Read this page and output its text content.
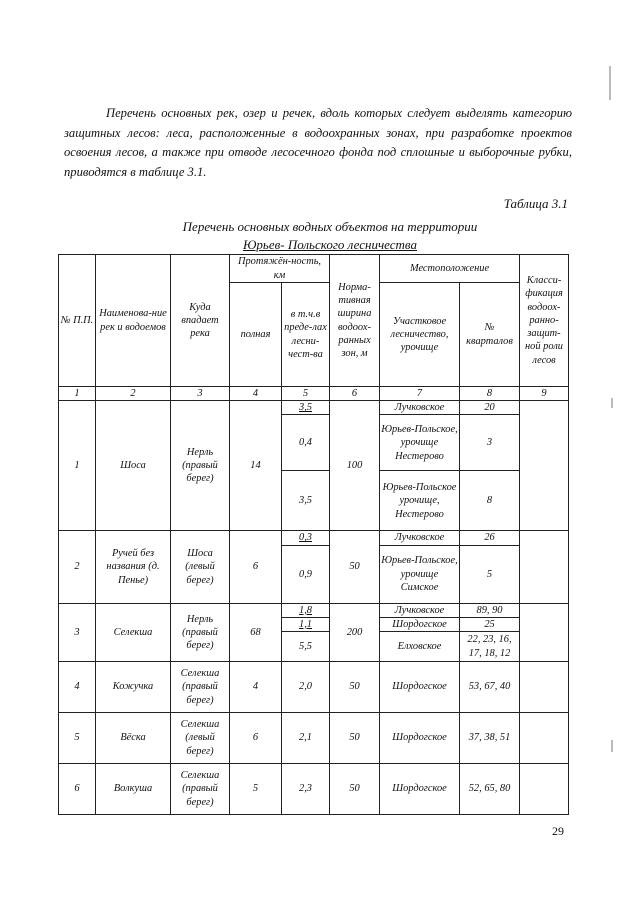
Перечень основных рек, озер и речек, вдоль которых следует выделять категорию защитных лесов: леса, расположенные в водоохранных зонах, при разработке проектов освоения лесов, а также при отводе лесосечного фонда под сплошные и выборочные рубки, приводятся в таблице 3.1.

Таблица 3.1
Перечень основных водных объектов на территории
Юрьев- Польского лесничества
№ П.П.	Наименова-ние рек и водоемов	Куда впадает река	Протяжён-ность, км		Норма-тивная ширина водоох-ранных зон, м	Местоположение		Класси-фикация водоох-ранно-защит-ной роли лесов
			полная	в т.ч.в преде-лах лесни-чест-ва		Участковое лесничество, урочище	№ кварталов	
1	2	3	4	5	6	7	8	9
1	Шоса	Нерль (правый берег)	14	3,5	100	Лучковское	20	
				0,4		Юрьев-Польское, урочище Нестерово	3	
				3,5		Юрьев-Польское урочище, Нестерово	8	
2	Ручей без названия (д. Пенье)	Шоса (левый берег)	6	0,3	50	Лучковское	26	
				0,9		Юрьев-Польское, урочище Симское	5	
3	Селекша	Нерль (правый берег)	68	1,8	200	Лучковское	89, 90	
				1,1		Шордогское	25	
				5,5		Елховское	22, 23, 16, 17, 18, 12	
4	Кожучка	Селекша (правый берег)	4	2,0	50	Шордогское	53, 67, 40	
5	Вёска	Селекша (левый берег)	6	2,1	50	Шордогское	37, 38, 51	
6	Волкуша	Селекша (правый берег)	5	2,3	50	Шордогское	52, 65, 80	
29
